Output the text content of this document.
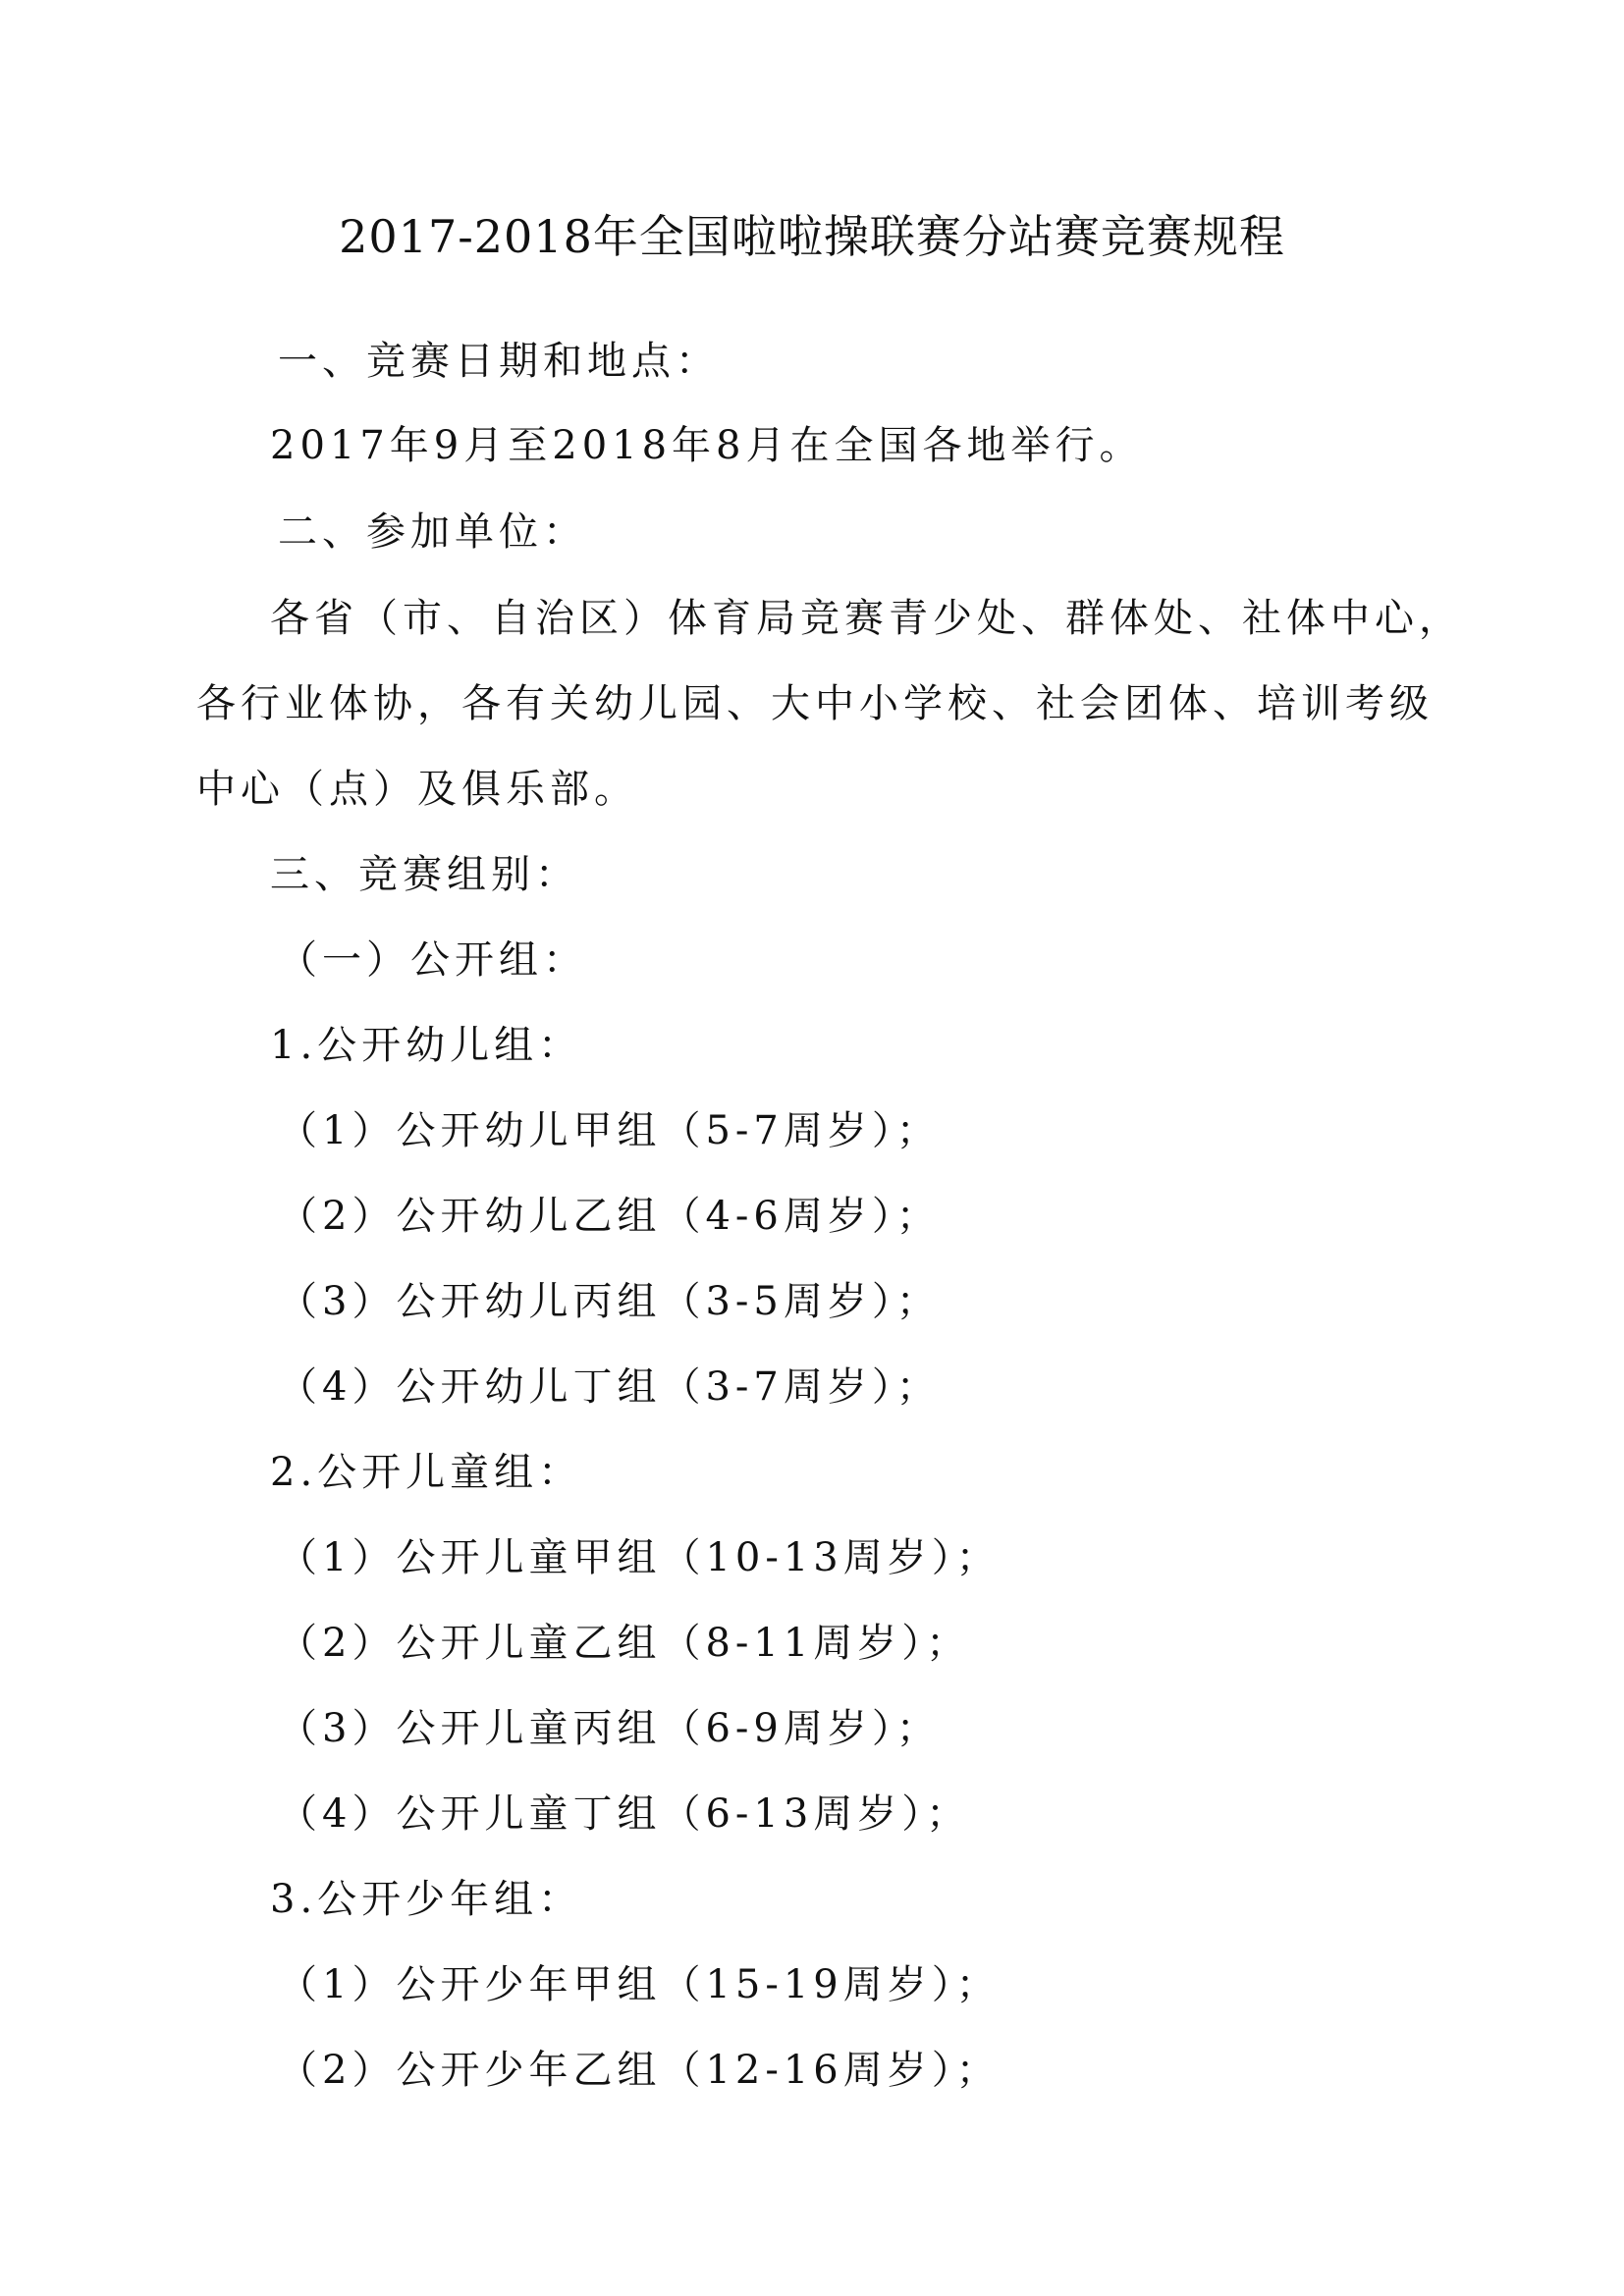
2017-2018年全国啦啦操联赛分站赛竞赛规程
一、竞赛日期和地点：
2017年9月至2018年8月在全国各地举行。
二、参加单位：
各省（市、自治区）体育局竞赛青少处、群体处、社体中心，
各行业体协，各有关幼儿园、大中小学校、社会团体、培训考级
中心（点）及俱乐部。
三、竞赛组别：
（一）公开组：
1.公开幼儿组：
（1）公开幼儿甲组（5-7周岁）；
（2）公开幼儿乙组（4-6周岁）；
（3）公开幼儿丙组（3-5周岁）；
（4）公开幼儿丁组（3-7周岁）；
2.公开儿童组：
（1）公开儿童甲组（10-13周岁）；
（2）公开儿童乙组（8-11周岁）；
（3）公开儿童丙组（6-9周岁）；
（4）公开儿童丁组（6-13周岁）；
3.公开少年组：
（1）公开少年甲组（15-19周岁）；
（2）公开少年乙组（12-16周岁）；
